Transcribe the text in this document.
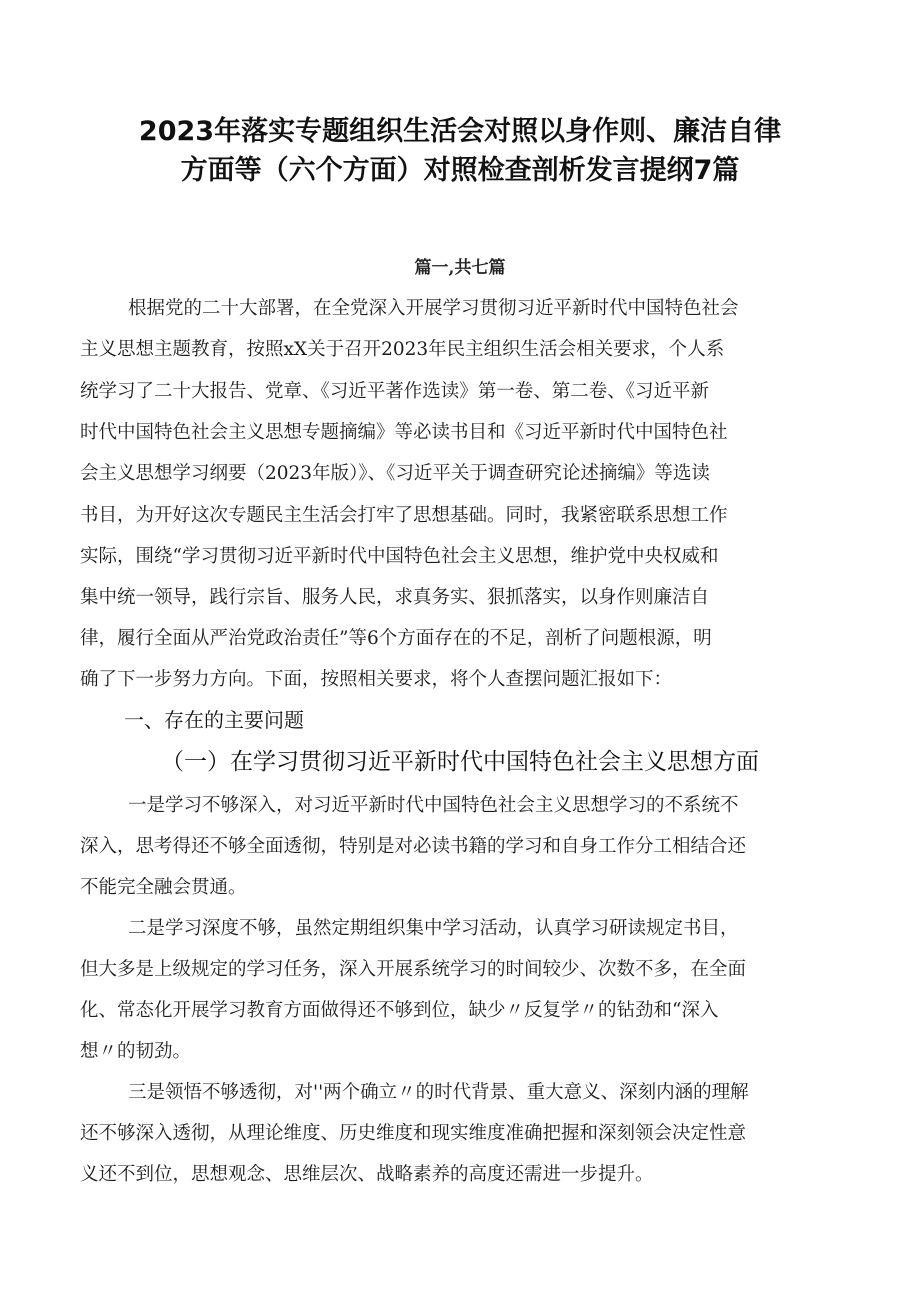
2023年落实专题组织生活会对照以身作则、廉洁自律
方面等（六个方面）对照检查剖析发言提纲7篇
篇一,共七篇
根据党的二十大部署，在全党深入开展学习贯彻习近平新时代中国特色社会
主义思想主题教育，按照xX关于召开2023年民主组织生活会相关要求，个人系
统学习了二十大报告、党章、《习近平著作选读》第一卷、第二卷、《习近平新
时代中国特色社会主义思想专题摘编》等必读书目和《习近平新时代中国特色社
会主义思想学习纲要（2023年版）》、《习近平关于调查研究论述摘编》等选读
书目，为开好这次专题民主生活会打牢了思想基础。同时，我紧密联系思想工作
实际，围绕“学习贯彻习近平新时代中国特色社会主义思想，维护党中央权威和
集中统一领导，践行宗旨、服务人民，求真务实、狠抓落实，以身作则廉洁自
律，履行全面从严治党政治责任”等6个方面存在的不足，剖析了问题根源，明
确了下一步努力方向。下面，按照相关要求，将个人查摆问题汇报如下：
一、存在的主要问题
（一）在学习贯彻习近平新时代中国特色社会主义思想方面
一是学习不够深入，对习近平新时代中国特色社会主义思想学习的不系统不
深入，思考得还不够全面透彻，特别是对必读书籍的学习和自身工作分工相结合还
不能完全融会贯通。
二是学习深度不够，虽然定期组织集中学习活动，认真学习研读规定书目，
但大多是上级规定的学习任务，深入开展系统学习的时间较少、次数不多，在全面
化、常态化开展学习教育方面做得还不够到位，缺少〃反复学〃的钻劲和“深入
想〃的韧劲。
三是领悟不够透彻，对''两个确立〃的时代背景、重大意义、深刻内涵的理解
还不够深入透彻，从理论维度、历史维度和现实维度准确把握和深刻领会决定性意
义还不到位，思想观念、思维层次、战略素养的高度还需进一步提升。
